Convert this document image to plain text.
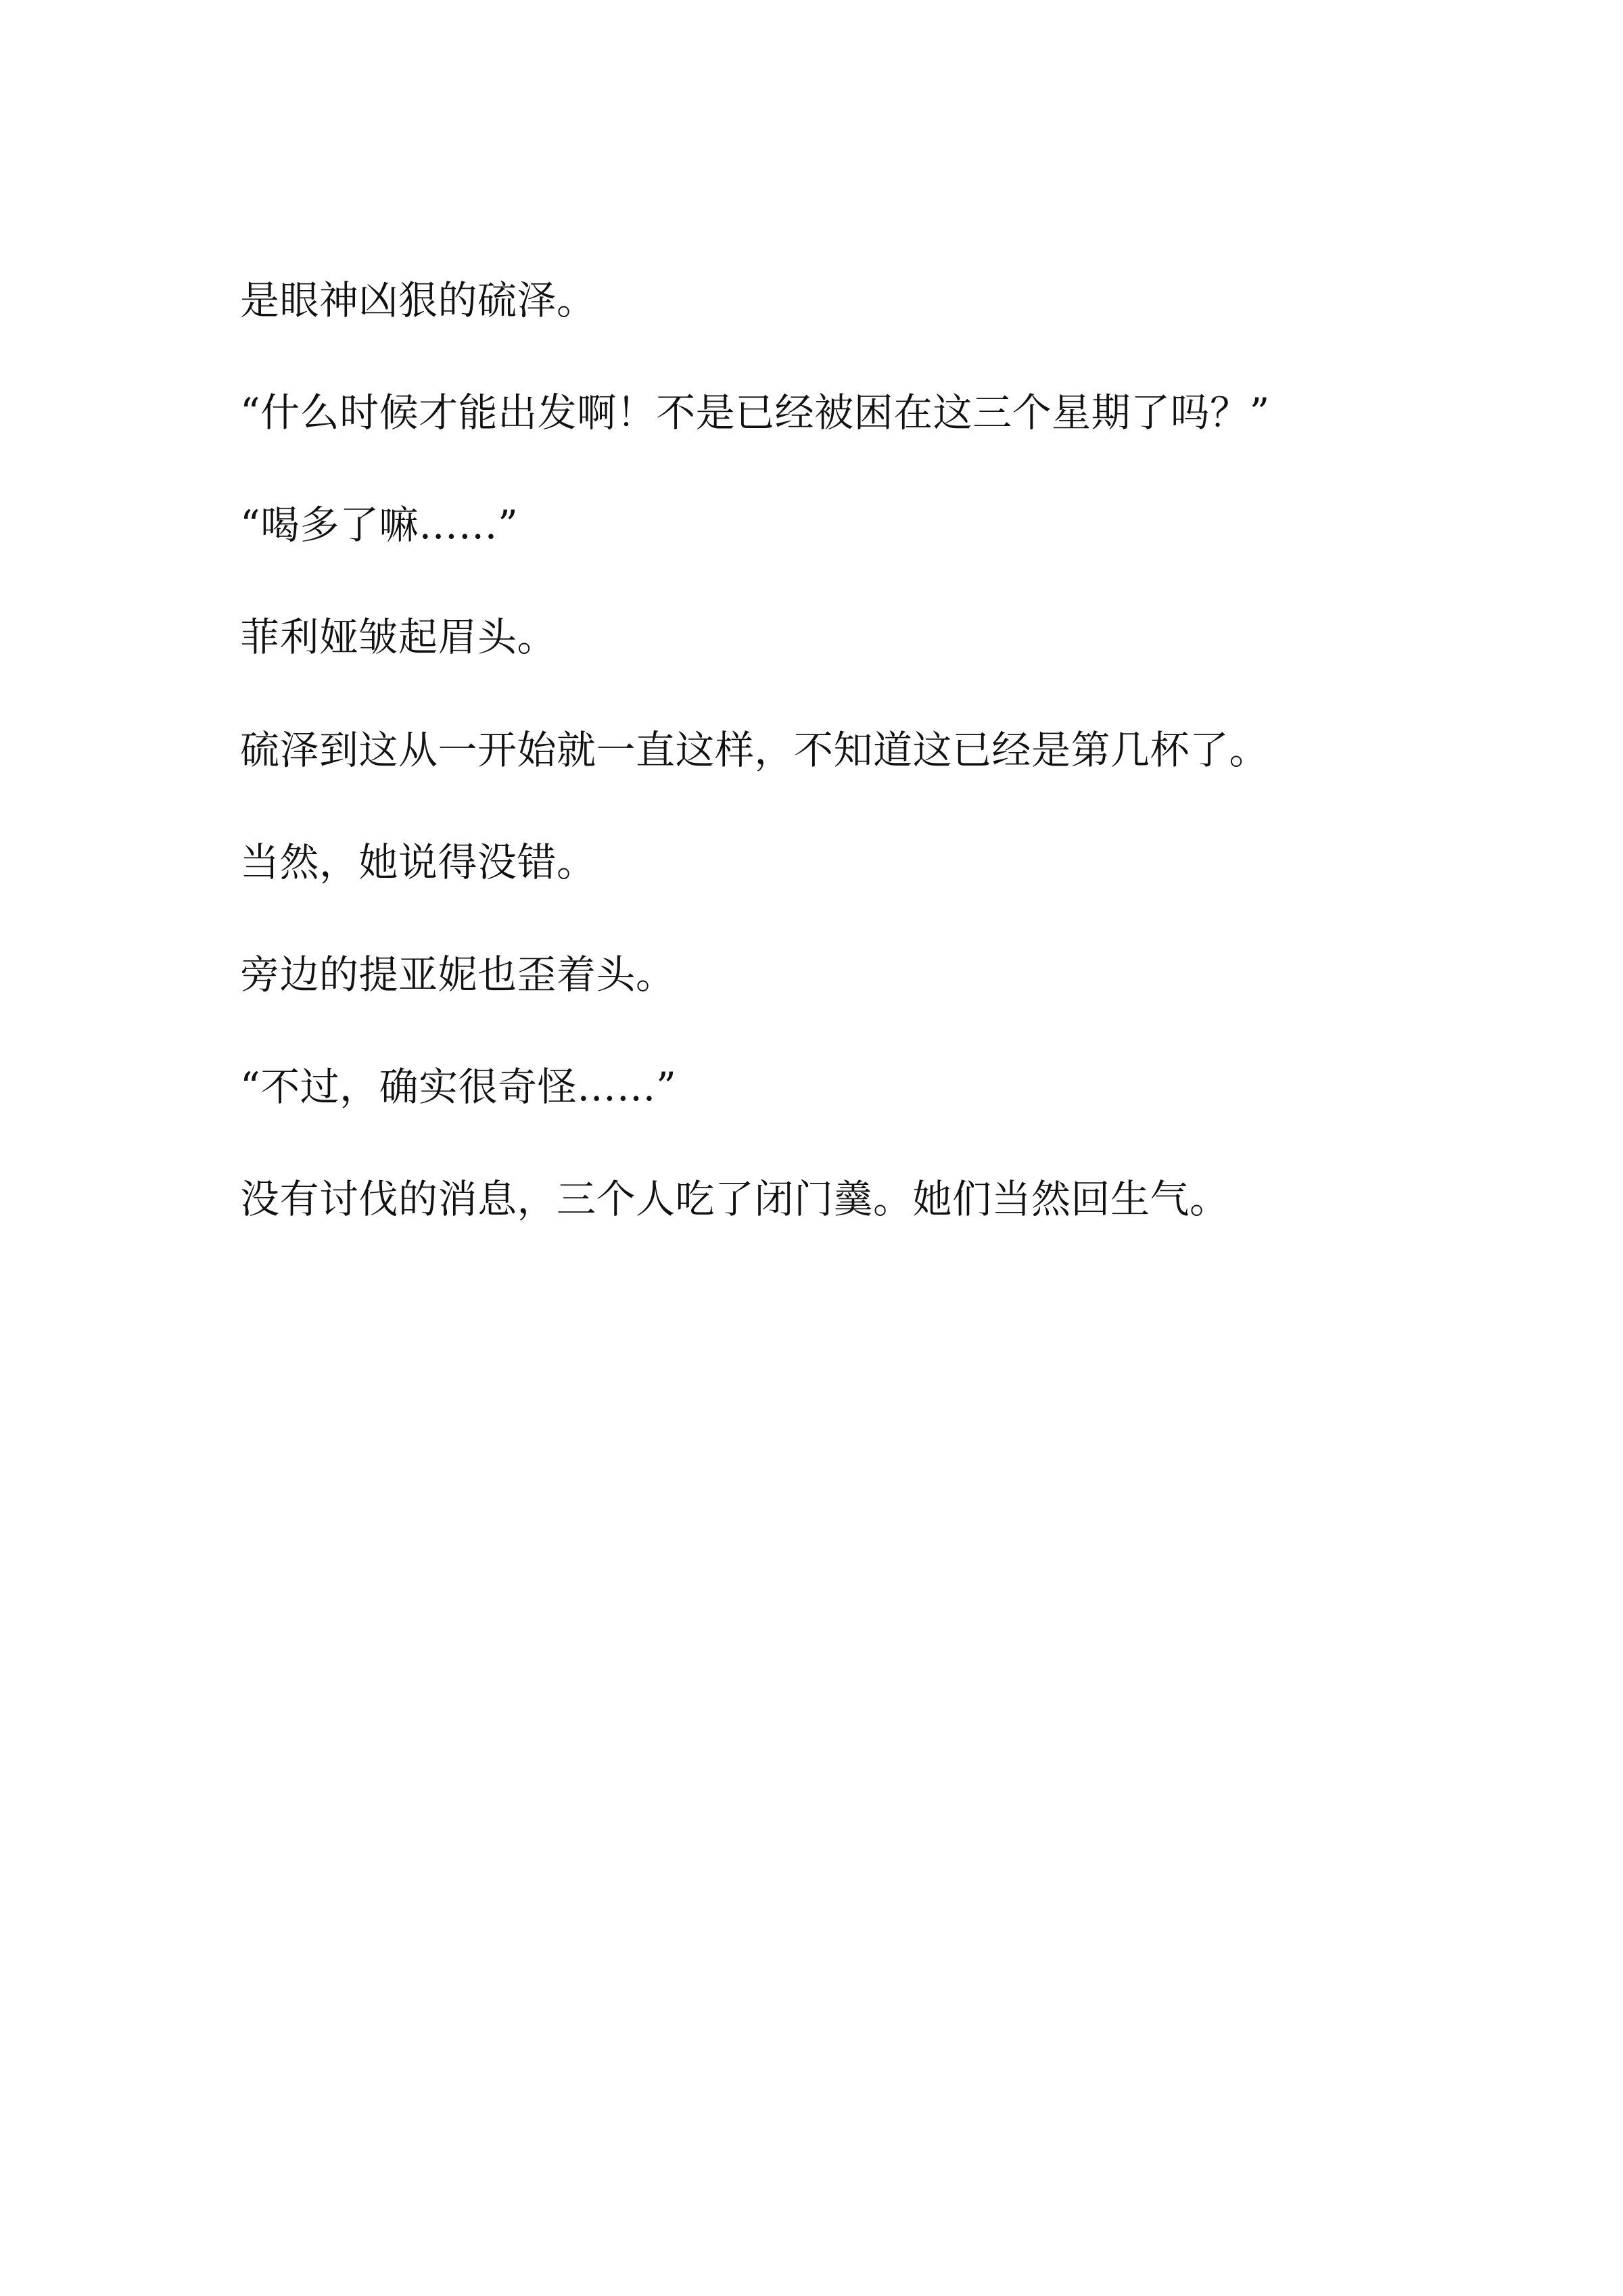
是眼神凶狠的硫泽。

“什么时候才能出发啊！不是已经被困在这三个星期了吗？”

“喝多了嘛……”

菲利娅皱起眉头。

硫泽到这从一开始就一直这样，不知道这已经是第几杯了。

当然，她说得没错。

旁边的提亚妮也歪着头。

“不过，确实很奇怪……”

没有讨伐的消息，三个人吃了闭门羹。她们当然回生气。
